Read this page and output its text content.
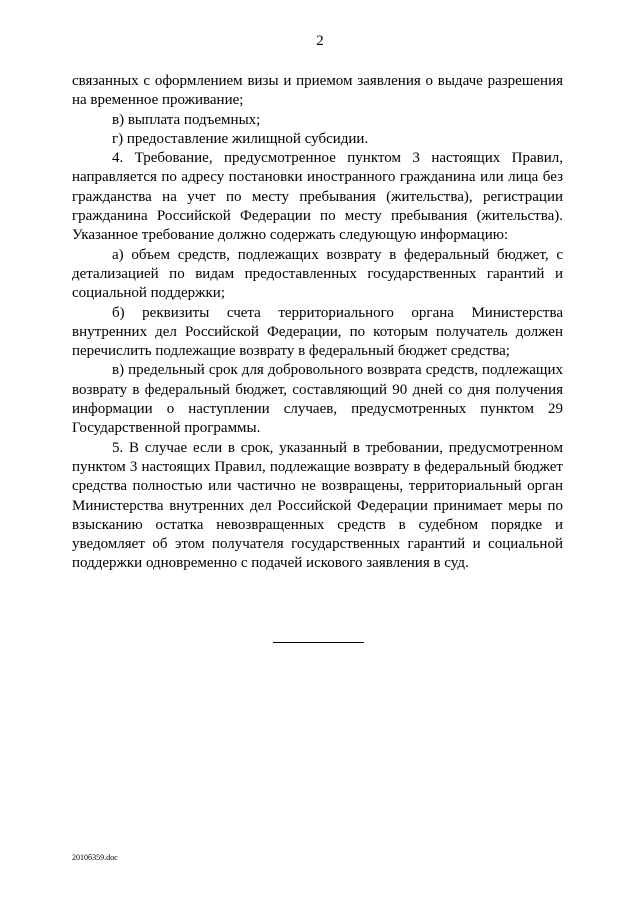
2

связанных с оформлением визы и приемом заявления о выдаче разрешения на временное проживание;

в) выплата подъемных;

г) предоставление жилищной субсидии.

4. Требование, предусмотренное пунктом 3 настоящих Правил, направляется по адресу постановки иностранного гражданина или лица без гражданства на учет по месту пребывания (жительства), регистрации гражданина Российской Федерации по месту пребывания (жительства). Указанное требование должно содержать следующую информацию:

а) объем средств, подлежащих возврату в федеральный бюджет, с детализацией по видам предоставленных государственных гарантий и социальной поддержки;

б) реквизиты счета территориального органа Министерства внутренних дел Российской Федерации, по которым получатель должен перечислить подлежащие возврату в федеральный бюджет средства;

в) предельный срок для добровольного возврата средств, подлежащих возврату в федеральный бюджет, составляющий 90 дней со дня получения информации о наступлении случаев, предусмотренных пунктом 29 Государственной программы.

5. В случае если в срок, указанный в требовании, предусмотренном пунктом 3 настоящих Правил, подлежащие возврату в федеральный бюджет средства полностью или частично не возвращены, территориальный орган Министерства внутренних дел Российской Федерации принимает меры по взысканию остатка невозвращенных средств в судебном порядке и уведомляет об этом получателя государственных гарантий и социальной поддержки одновременно с подачей искового заявления в суд.

2010б359.doc
